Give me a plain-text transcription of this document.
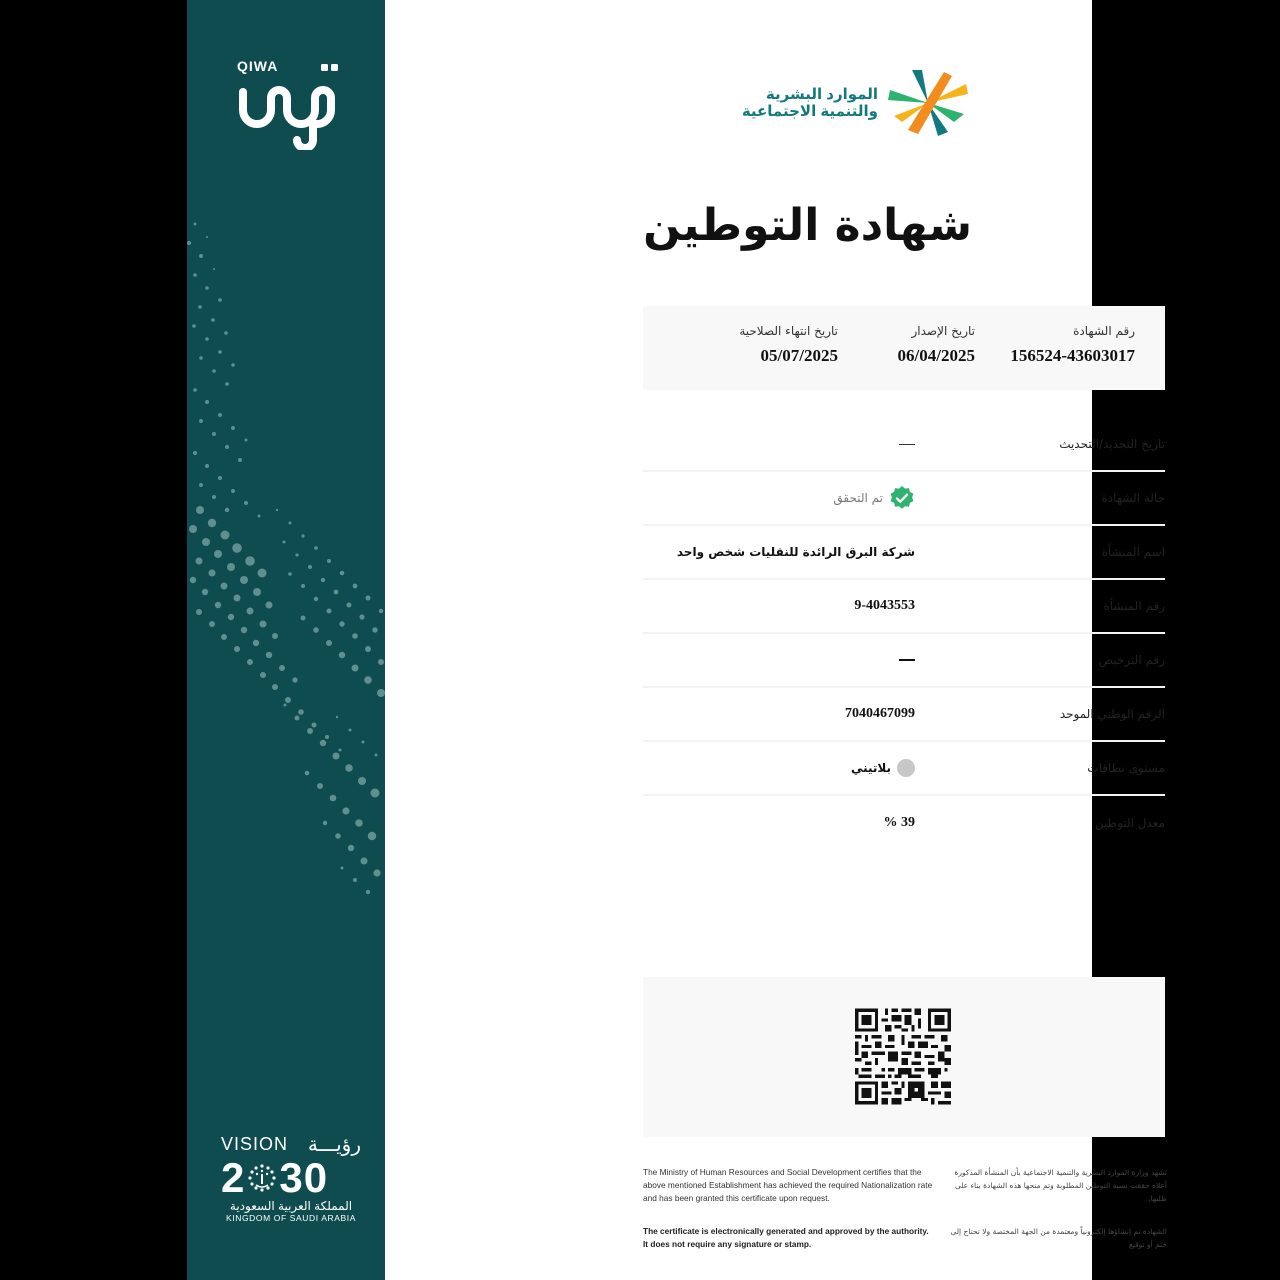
QIWA
VISION رؤيـــة
2 30
المملكة العربية السعودية
KINGDOM OF SAUDI ARABIA
الموارد البشرية
والتنمية الاجتماعية
شهادة التوطين
رقم الشهادة
156524-43603017
تاريخ الإصدار
06/04/2025
تاريخ انتهاء الصلاحية
05/07/2025
تاريخ التجديد/التحديث
حالة الشهادة
تم التحقق
اسم المنشأة
شركة البرق الرائدة للنقليات شخص واحد
رقم المنشأة
9-4043553
رقم الترخيص
الرقم الوطني الموحد
7040467099
مستوى نطاقات
بلاتيني
معدل التوطين
% 39
The Ministry of Human Resources and Social Development certifies that the above mentioned Establishment has achieved the required Nationalization rate and has been granted this certificate upon request.
The certificate is electronically generated and approved by the authority. It does not require any signature or stamp.
تشهد وزارة الموارد البشرية والتنمية الاجتماعية بأن المنشأة المذكورة أعلاه حققت نسبة التوطين المطلوبة وتم منحها هذه الشهادة بناء على طلبها.
الشهادة تم إنشاؤها إلكترونياً ومعتمدة من الجهة المختصة ولا تحتاج إلى ختم أو توقيع
